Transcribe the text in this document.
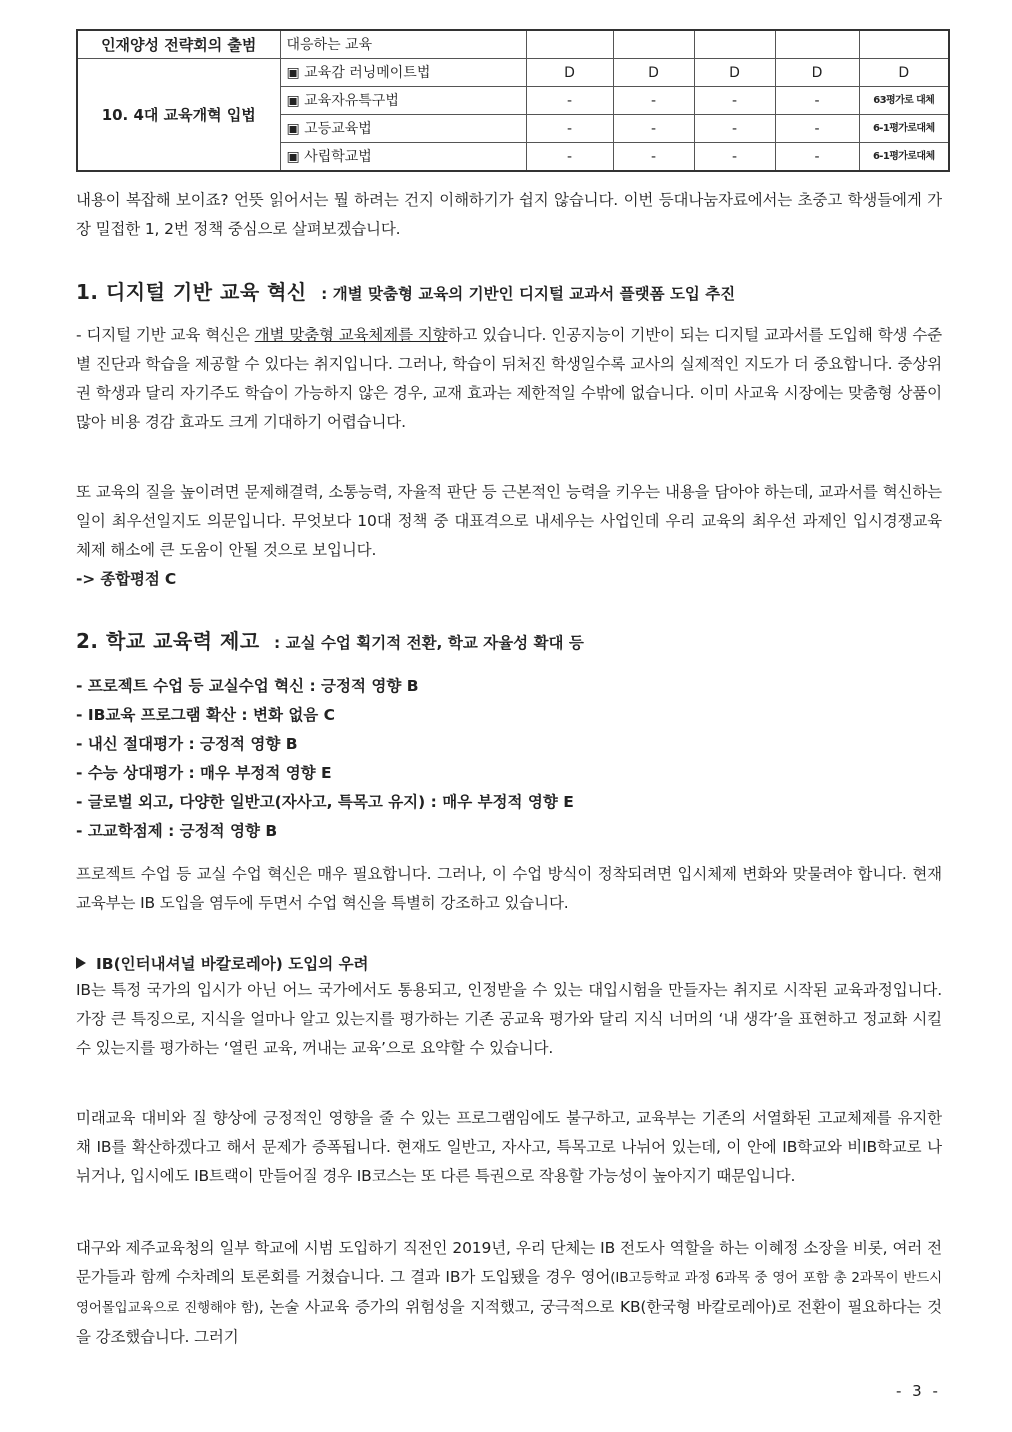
인재양성 전략회의 출범	대응하는 교육					
10. 4대 교육개혁 입법	▣ 교육감 러닝메이트법	D	D	D	D	D
	▣ 교육자유특구법	-	-	-	-	63평가로 대체
	▣ 고등교육법	-	-	-	-	6-1평가로대체
	▣ 사립학교법	-	-	-	-	6-1평가로대체

내용이 복잡해 보이죠? 언뜻 읽어서는 뭘 하려는 건지 이해하기가 쉽지 않습니다. 이번 등대나눔자료에서는 초중고 학생들에게 가장 밀접한 1, 2번 정책 중심으로 살펴보겠습니다.

1. 디지털 기반 교육 혁신 : 개별 맞춤형 교육의 기반인 디지털 교과서 플랫폼 도입 추진

- 디지털 기반 교육 혁신은 개별 맞춤형 교육체제를 지향하고 있습니다. 인공지능이 기반이 되는 디지털 교과서를 도입해 학생 수준별 진단과 학습을 제공할 수 있다는 취지입니다. 그러나, 학습이 뒤처진 학생일수록 교사의 실제적인 지도가 더 중요합니다. 중상위권 학생과 달리 자기주도 학습이 가능하지 않은 경우, 교재 효과는 제한적일 수밖에 없습니다. 이미 사교육 시장에는 맞춤형 상품이 많아 비용 경감 효과도 크게 기대하기 어렵습니다.

또 교육의 질을 높이려면 문제해결력, 소통능력, 자율적 판단 등 근본적인 능력을 키우는 내용을 담아야 하는데, 교과서를 혁신하는 일이 최우선일지도 의문입니다. 무엇보다 10대 정책 중 대표격으로 내세우는 사업인데 우리 교육의 최우선 과제인 입시경쟁교육 체제 해소에 큰 도움이 안될 것으로 보입니다.

-> 종합평점 C

2. 학교 교육력 제고 : 교실 수업 획기적 전환, 학교 자율성 확대 등
- 프로젝트 수업 등 교실수업 혁신 : 긍정적 영향 B
- IB교육 프로그램 확산 : 변화 없음 C
- 내신 절대평가 : 긍정적 영향 B
- 수능 상대평가 : 매우 부정적 영향 E
- 글로벌 외고, 다양한 일반고(자사고, 특목고 유지) : 매우 부정적 영향 E
- 고교학점제 : 긍정적 영향 B

프로젝트 수업 등 교실 수업 혁신은 매우 필요합니다. 그러나, 이 수업 방식이 정착되려면 입시체제 변화와 맞물려야 합니다. 현재 교육부는 IB 도입을 염두에 두면서 수업 혁신을 특별히 강조하고 있습니다.

IB(인터내셔널 바칼로레아) 도입의 우려

IB는 특정 국가의 입시가 아닌 어느 국가에서도 통용되고, 인정받을 수 있는 대입시험을 만들자는 취지로 시작된 교육과정입니다. 가장 큰 특징으로, 지식을 얼마나 알고 있는지를 평가하는 기존 공교육 평가와 달리 지식 너머의 ‘내 생각’을 표현하고 정교화 시킬 수 있는지를 평가하는 ‘열린 교육, 꺼내는 교육’으로 요약할 수 있습니다.

미래교육 대비와 질 향상에 긍정적인 영향을 줄 수 있는 프로그램임에도 불구하고, 교육부는 기존의 서열화된 고교체제를 유지한 채 IB를 확산하겠다고 해서 문제가 증폭됩니다. 현재도 일반고, 자사고, 특목고로 나뉘어 있는데, 이 안에 IB학교와 비IB학교로 나뉘거나, 입시에도 IB트랙이 만들어질 경우 IB코스는 또 다른 특권으로 작용할 가능성이 높아지기 때문입니다.

대구와 제주교육청의 일부 학교에 시범 도입하기 직전인 2019년, 우리 단체는 IB 전도사 역할을 하는 이혜정 소장을 비롯, 여러 전문가들과 함께 수차례의 토론회를 거쳤습니다. 그 결과 IB가 도입됐을 경우 영어(IB고등학교 과정 6과목 중 영어 포함 총 2과목이 반드시 영어몰입교육으로 진행해야 함), 논술 사교육 증가의 위험성을 지적했고, 궁극적으로 KB(한국형 바칼로레아)로 전환이 필요하다는 것을 강조했습니다. 그러기

- 3 -
